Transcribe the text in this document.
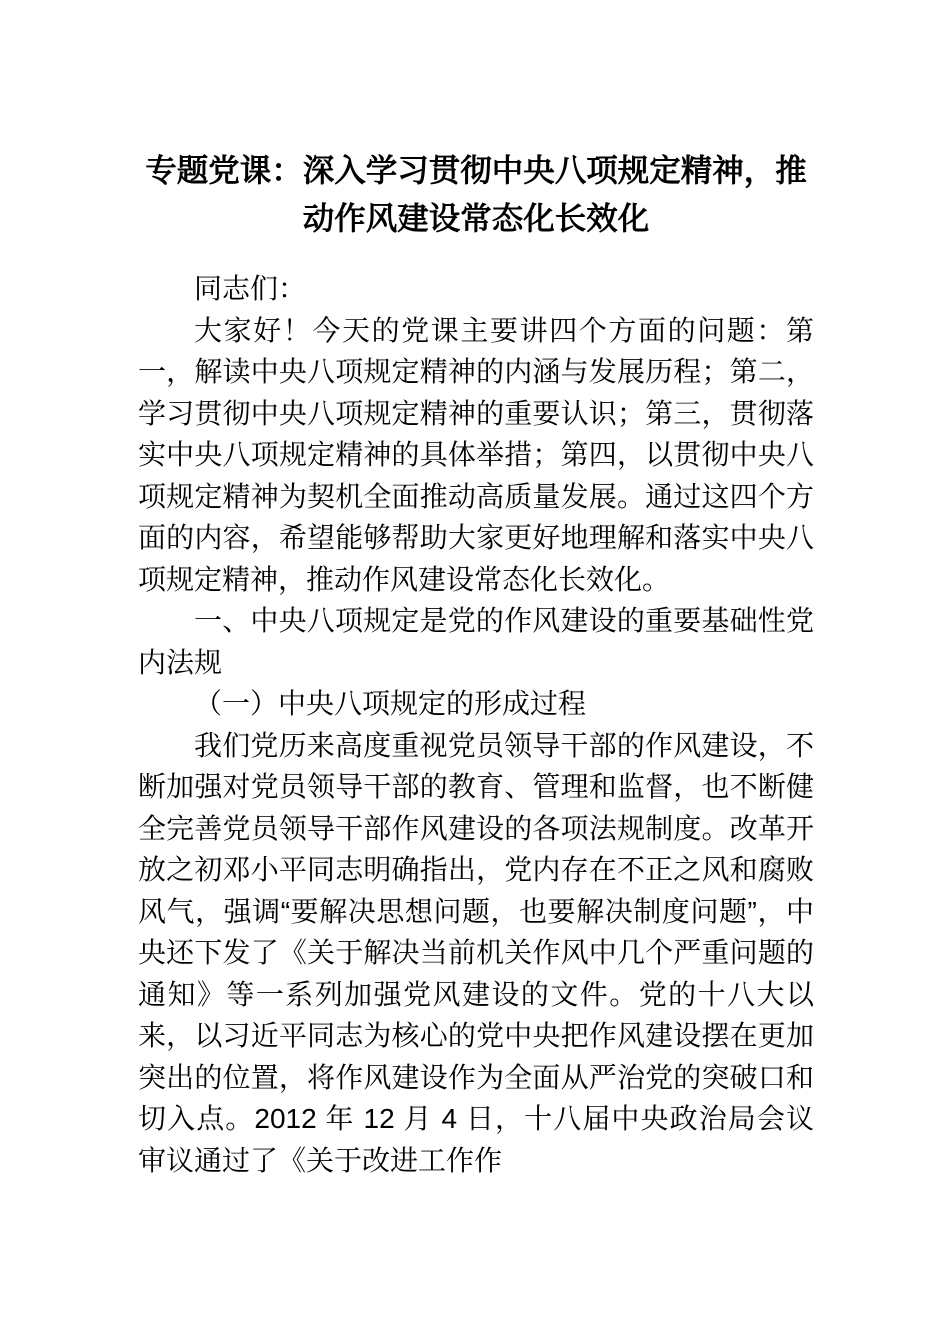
专题党课：深入学习贯彻中央八项规定精神，推动作风建设常态化长效化

同志们：

大家好！今天的党课主要讲四个方面的问题：第一，解读中央八项规定精神的内涵与发展历程；第二，学习贯彻中央八项规定精神的重要认识；第三，贯彻落实中央八项规定精神的具体举措；第四，以贯彻中央八项规定精神为契机全面推动高质量发展。通过这四个方面的内容，希望能够帮助大家更好地理解和落实中央八项规定精神，推动作风建设常态化长效化。

一、中央八项规定是党的作风建设的重要基础性党内法规

（一）中央八项规定的形成过程

我们党历来高度重视党员领导干部的作风建设，不断加强对党员领导干部的教育、管理和监督，也不断健全完善党员领导干部作风建设的各项法规制度。改革开放之初邓小平同志明确指出，党内存在不正之风和腐败风气，强调“要解决思想问题，也要解决制度问题”，中央还下发了《关于解决当前机关作风中几个严重问题的通知》等一系列加强党风建设的文件。党的十八大以来，以习近平同志为核心的党中央把作风建设摆在更加突出的位置，将作风建设作为全面从严治党的突破口和切入点。2012 年 12 月 4 日，十八届中央政治局会议审议通过了《关于改进工作作
